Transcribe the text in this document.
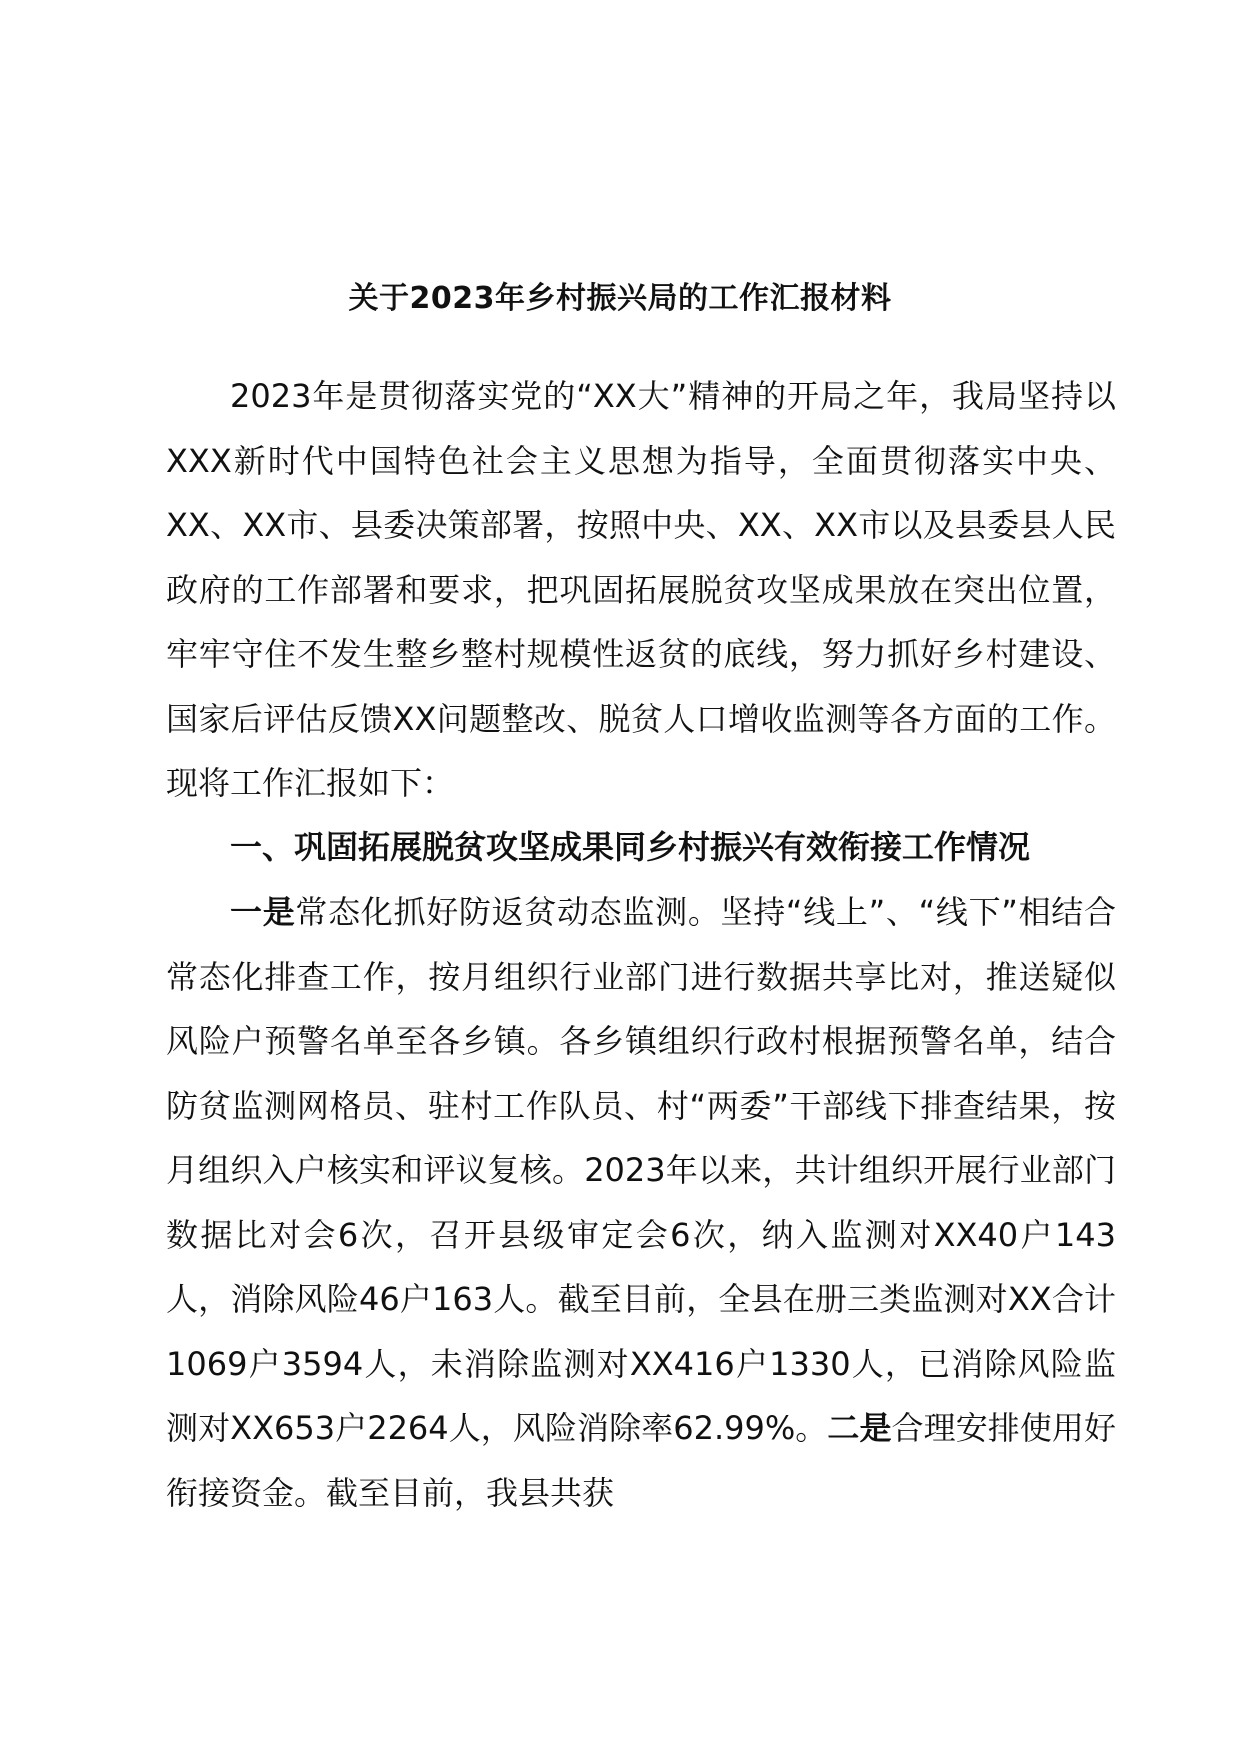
关于2023年乡村振兴局的工作汇报材料

2023年是贯彻落实党的“XX大”精神的开局之年，我局坚持以XXX新时代中国特色社会主义思想为指导，全面贯彻落实中央、XX、XX市、县委决策部署，按照中央、XX、XX市以及县委县人民政府的工作部署和要求，把巩固拓展脱贫攻坚成果放在突出位置，牢牢守住不发生整乡整村规模性返贫的底线，努力抓好乡村建设、国家后评估反馈XX问题整改、脱贫人口增收监测等各方面的工作。现将工作汇报如下：

一、巩固拓展脱贫攻坚成果同乡村振兴有效衔接工作情况

一是常态化抓好防返贫动态监测。坚持“线上”、“线下”相结合常态化排查工作，按月组织行业部门进行数据共享比对，推送疑似风险户预警名单至各乡镇。各乡镇组织行政村根据预警名单，结合防贫监测网格员、驻村工作队员、村“两委”干部线下排查结果，按月组织入户核实和评议复核。2023年以来，共计组织开展行业部门数据比对会6次，召开县级审定会6次，纳入监测对XX40户143人，消除风险46户163人。截至目前，全县在册三类监测对XX合计1069户3594人，未消除监测对XX416户1330人，已消除风险监测对XX653户2264人，风险消除率62.99%。二是合理安排使用好衔接资金。截至目前，我县共获
